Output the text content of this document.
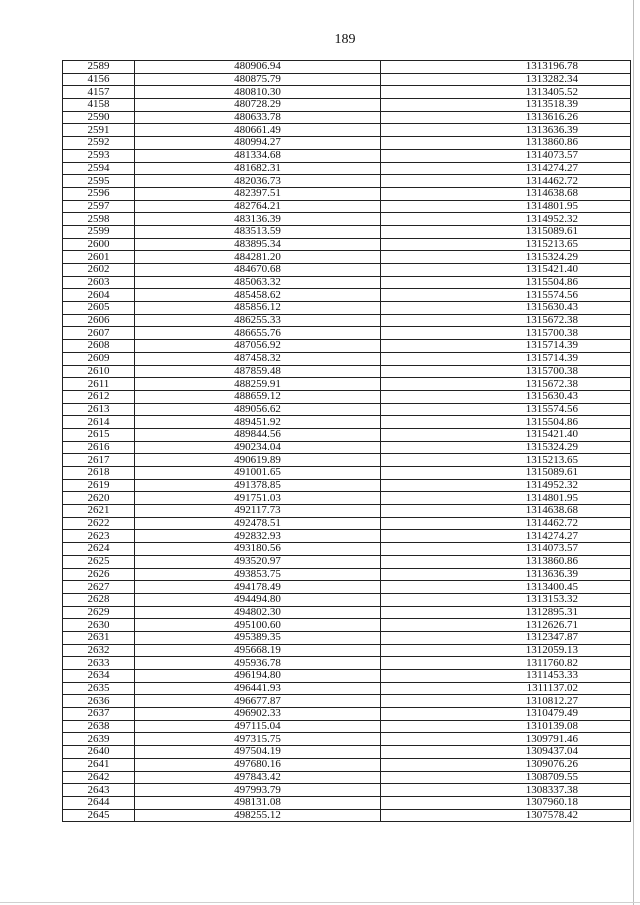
189
2589	480906.94	1313196.78
4156	480875.79	1313282.34
4157	480810.30	1313405.52
4158	480728.29	1313518.39
2590	480633.78	1313616.26
2591	480661.49	1313636.39
2592	480994.27	1313860.86
2593	481334.68	1314073.57
2594	481682.31	1314274.27
2595	482036.73	1314462.72
2596	482397.51	1314638.68
2597	482764.21	1314801.95
2598	483136.39	1314952.32
2599	483513.59	1315089.61
2600	483895.34	1315213.65
2601	484281.20	1315324.29
2602	484670.68	1315421.40
2603	485063.32	1315504.86
2604	485458.62	1315574.56
2605	485856.12	1315630.43
2606	486255.33	1315672.38
2607	486655.76	1315700.38
2608	487056.92	1315714.39
2609	487458.32	1315714.39
2610	487859.48	1315700.38
2611	488259.91	1315672.38
2612	488659.12	1315630.43
2613	489056.62	1315574.56
2614	489451.92	1315504.86
2615	489844.56	1315421.40
2616	490234.04	1315324.29
2617	490619.89	1315213.65
2618	491001.65	1315089.61
2619	491378.85	1314952.32
2620	491751.03	1314801.95
2621	492117.73	1314638.68
2622	492478.51	1314462.72
2623	492832.93	1314274.27
2624	493180.56	1314073.57
2625	493520.97	1313860.86
2626	493853.75	1313636.39
2627	494178.49	1313400.45
2628	494494.80	1313153.32
2629	494802.30	1312895.31
2630	495100.60	1312626.71
2631	495389.35	1312347.87
2632	495668.19	1312059.13
2633	495936.78	1311760.82
2634	496194.80	1311453.33
2635	496441.93	1311137.02
2636	496677.87	1310812.27
2637	496902.33	1310479.49
2638	497115.04	1310139.08
2639	497315.75	1309791.46
2640	497504.19	1309437.04
2641	497680.16	1309076.26
2642	497843.42	1308709.55
2643	497993.79	1308337.38
2644	498131.08	1307960.18
2645	498255.12	1307578.42
